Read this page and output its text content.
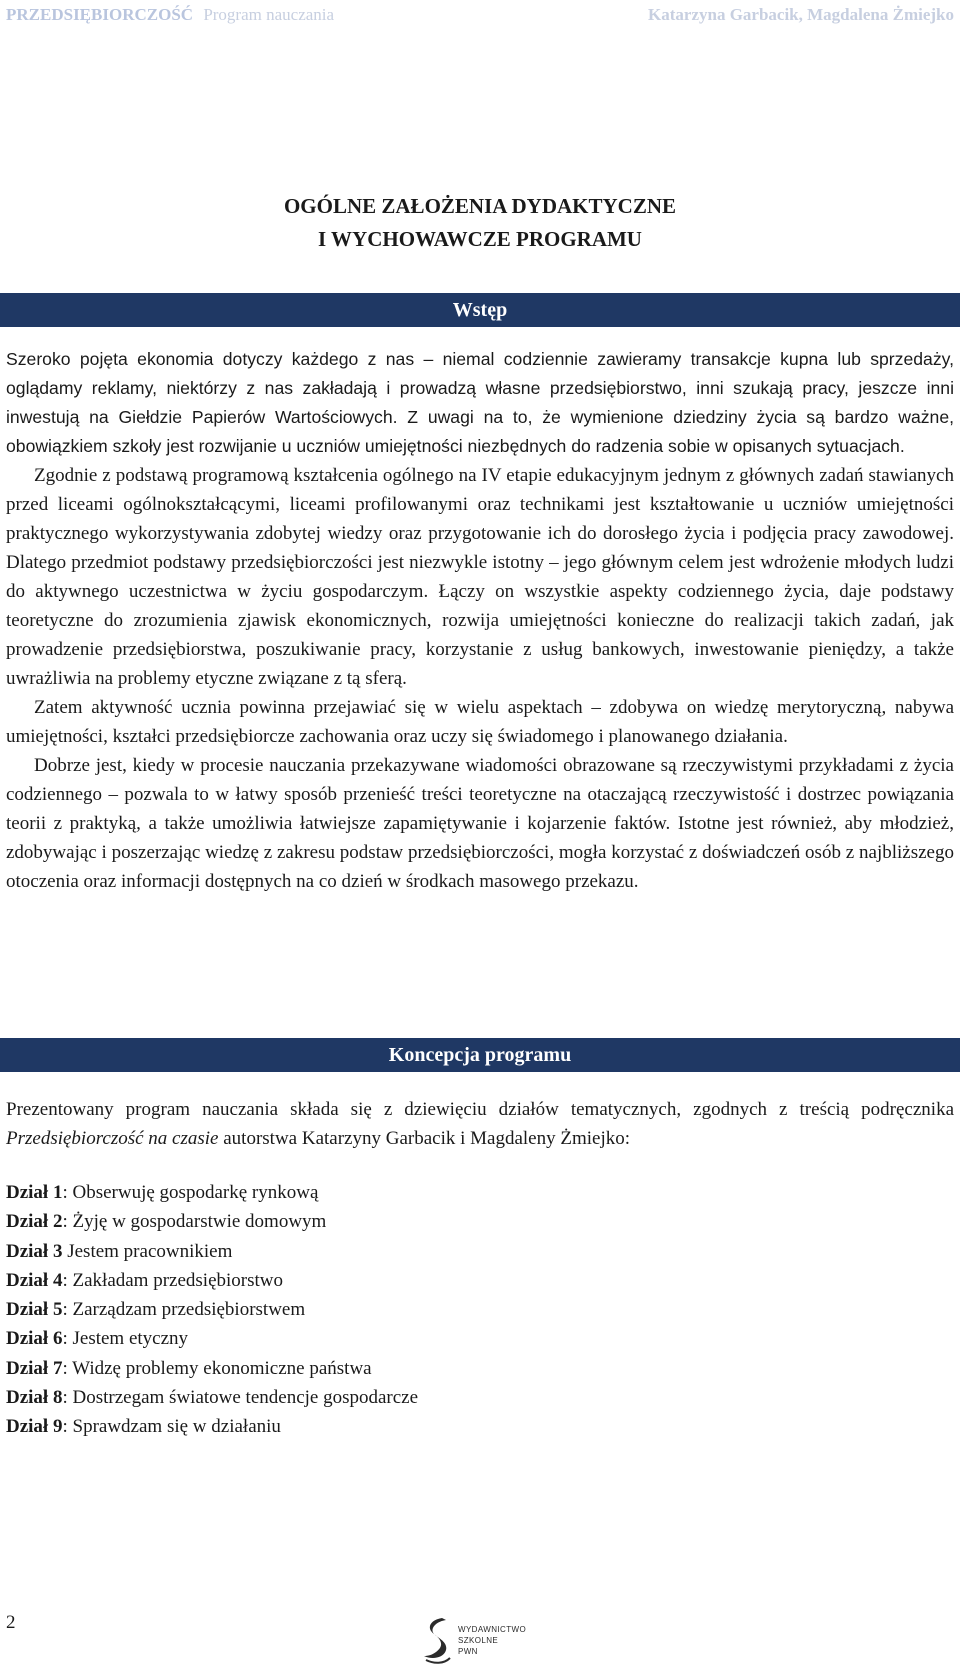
PRZEDSIĘBIORCZOŚĆ Program nauczania	Katarzyna Garbacik, Magdalena Żmiejko
OGÓLNE ZAŁOŻENIA DYDAKTYCZNE
I WYCHOWAWCZE PROGRAMU
Wstęp

Szeroko pojęta ekonomia dotyczy każdego z nas – niemal codziennie zawieramy transakcje kupna lub sprzedaży, oglądamy reklamy, niektórzy z nas zakładają i prowadzą własne przedsiębiorstwo, inni szukają pracy, jeszcze inni inwestują na Giełdzie Papierów Wartościowych. Z uwagi na to, że wymienione dziedziny życia są bardzo ważne, obowiązkiem szkoły jest rozwijanie u uczniów umiejętności niezbędnych do radzenia sobie w opisanych sytuacjach.

Zgodnie z podstawą programową kształcenia ogólnego na IV etapie edukacyjnym jednym z głównych zadań stawianych przed liceami ogólnokształcącymi, liceami profilowanymi oraz technikami jest kształtowanie u uczniów umiejętności praktycznego wykorzystywania zdobytej wiedzy oraz przygotowanie ich do dorosłego życia i podjęcia pracy zawodowej. Dlatego przedmiot podstawy przedsiębiorczości jest niezwykle istotny – jego głównym celem jest wdrożenie młodych ludzi do aktywnego uczestnictwa w życiu gospodarczym. Łączy on wszystkie aspekty codziennego życia, daje podstawy teoretyczne do zrozumienia zjawisk ekonomicznych, rozwija umiejętności konieczne do realizacji takich zadań, jak prowadzenie przedsiębiorstwa, poszukiwanie pracy, korzystanie z usług bankowych, inwestowanie pieniędzy, a także uwrażliwia na problemy etyczne związane z tą sferą.

Zatem aktywność ucznia powinna przejawiać się w wielu aspektach – zdobywa on wiedzę merytoryczną, nabywa umiejętności, kształci przedsiębiorcze zachowania oraz uczy się świadomego i planowanego działania.

Dobrze jest, kiedy w procesie nauczania przekazywane wiadomości obrazowane są rzeczywistymi przykładami z życia codziennego – pozwala to w łatwy sposób przenieść treści teoretyczne na otaczającą rzeczywistość i dostrzec powiązania teorii z praktyką, a także umożliwia łatwiejsze zapamiętywanie i kojarzenie faktów. Istotne jest również, aby młodzież, zdobywając i poszerzając wiedzę z zakresu podstaw przedsiębiorczości, mogła korzystać z doświadczeń osób z najbliższego otoczenia oraz informacji dostępnych na co dzień w środkach masowego przekazu.

Koncepcja programu

Prezentowany program nauczania składa się z dziewięciu działów tematycznych, zgodnych z treścią podręcznika Przedsiębiorczość na czasie autorstwa Katarzyny Garbacik i Magdaleny Żmiejko:

Dział 1: Obserwuję gospodarkę rynkową
Dział 2: Żyję w gospodarstwie domowym
Dział 3 Jestem pracownikiem
Dział 4: Zakładam przedsiębiorstwo
Dział 5: Zarządzam przedsiębiorstwem
Dział 6: Jestem etyczny
Dział 7: Widzę problemy ekonomiczne państwa
Dział 8: Dostrzegam światowe tendencje gospodarcze
Dział 9: Sprawdzam się w działaniu
2	WYDAWNICTWO
SZKOLNE
PWN
